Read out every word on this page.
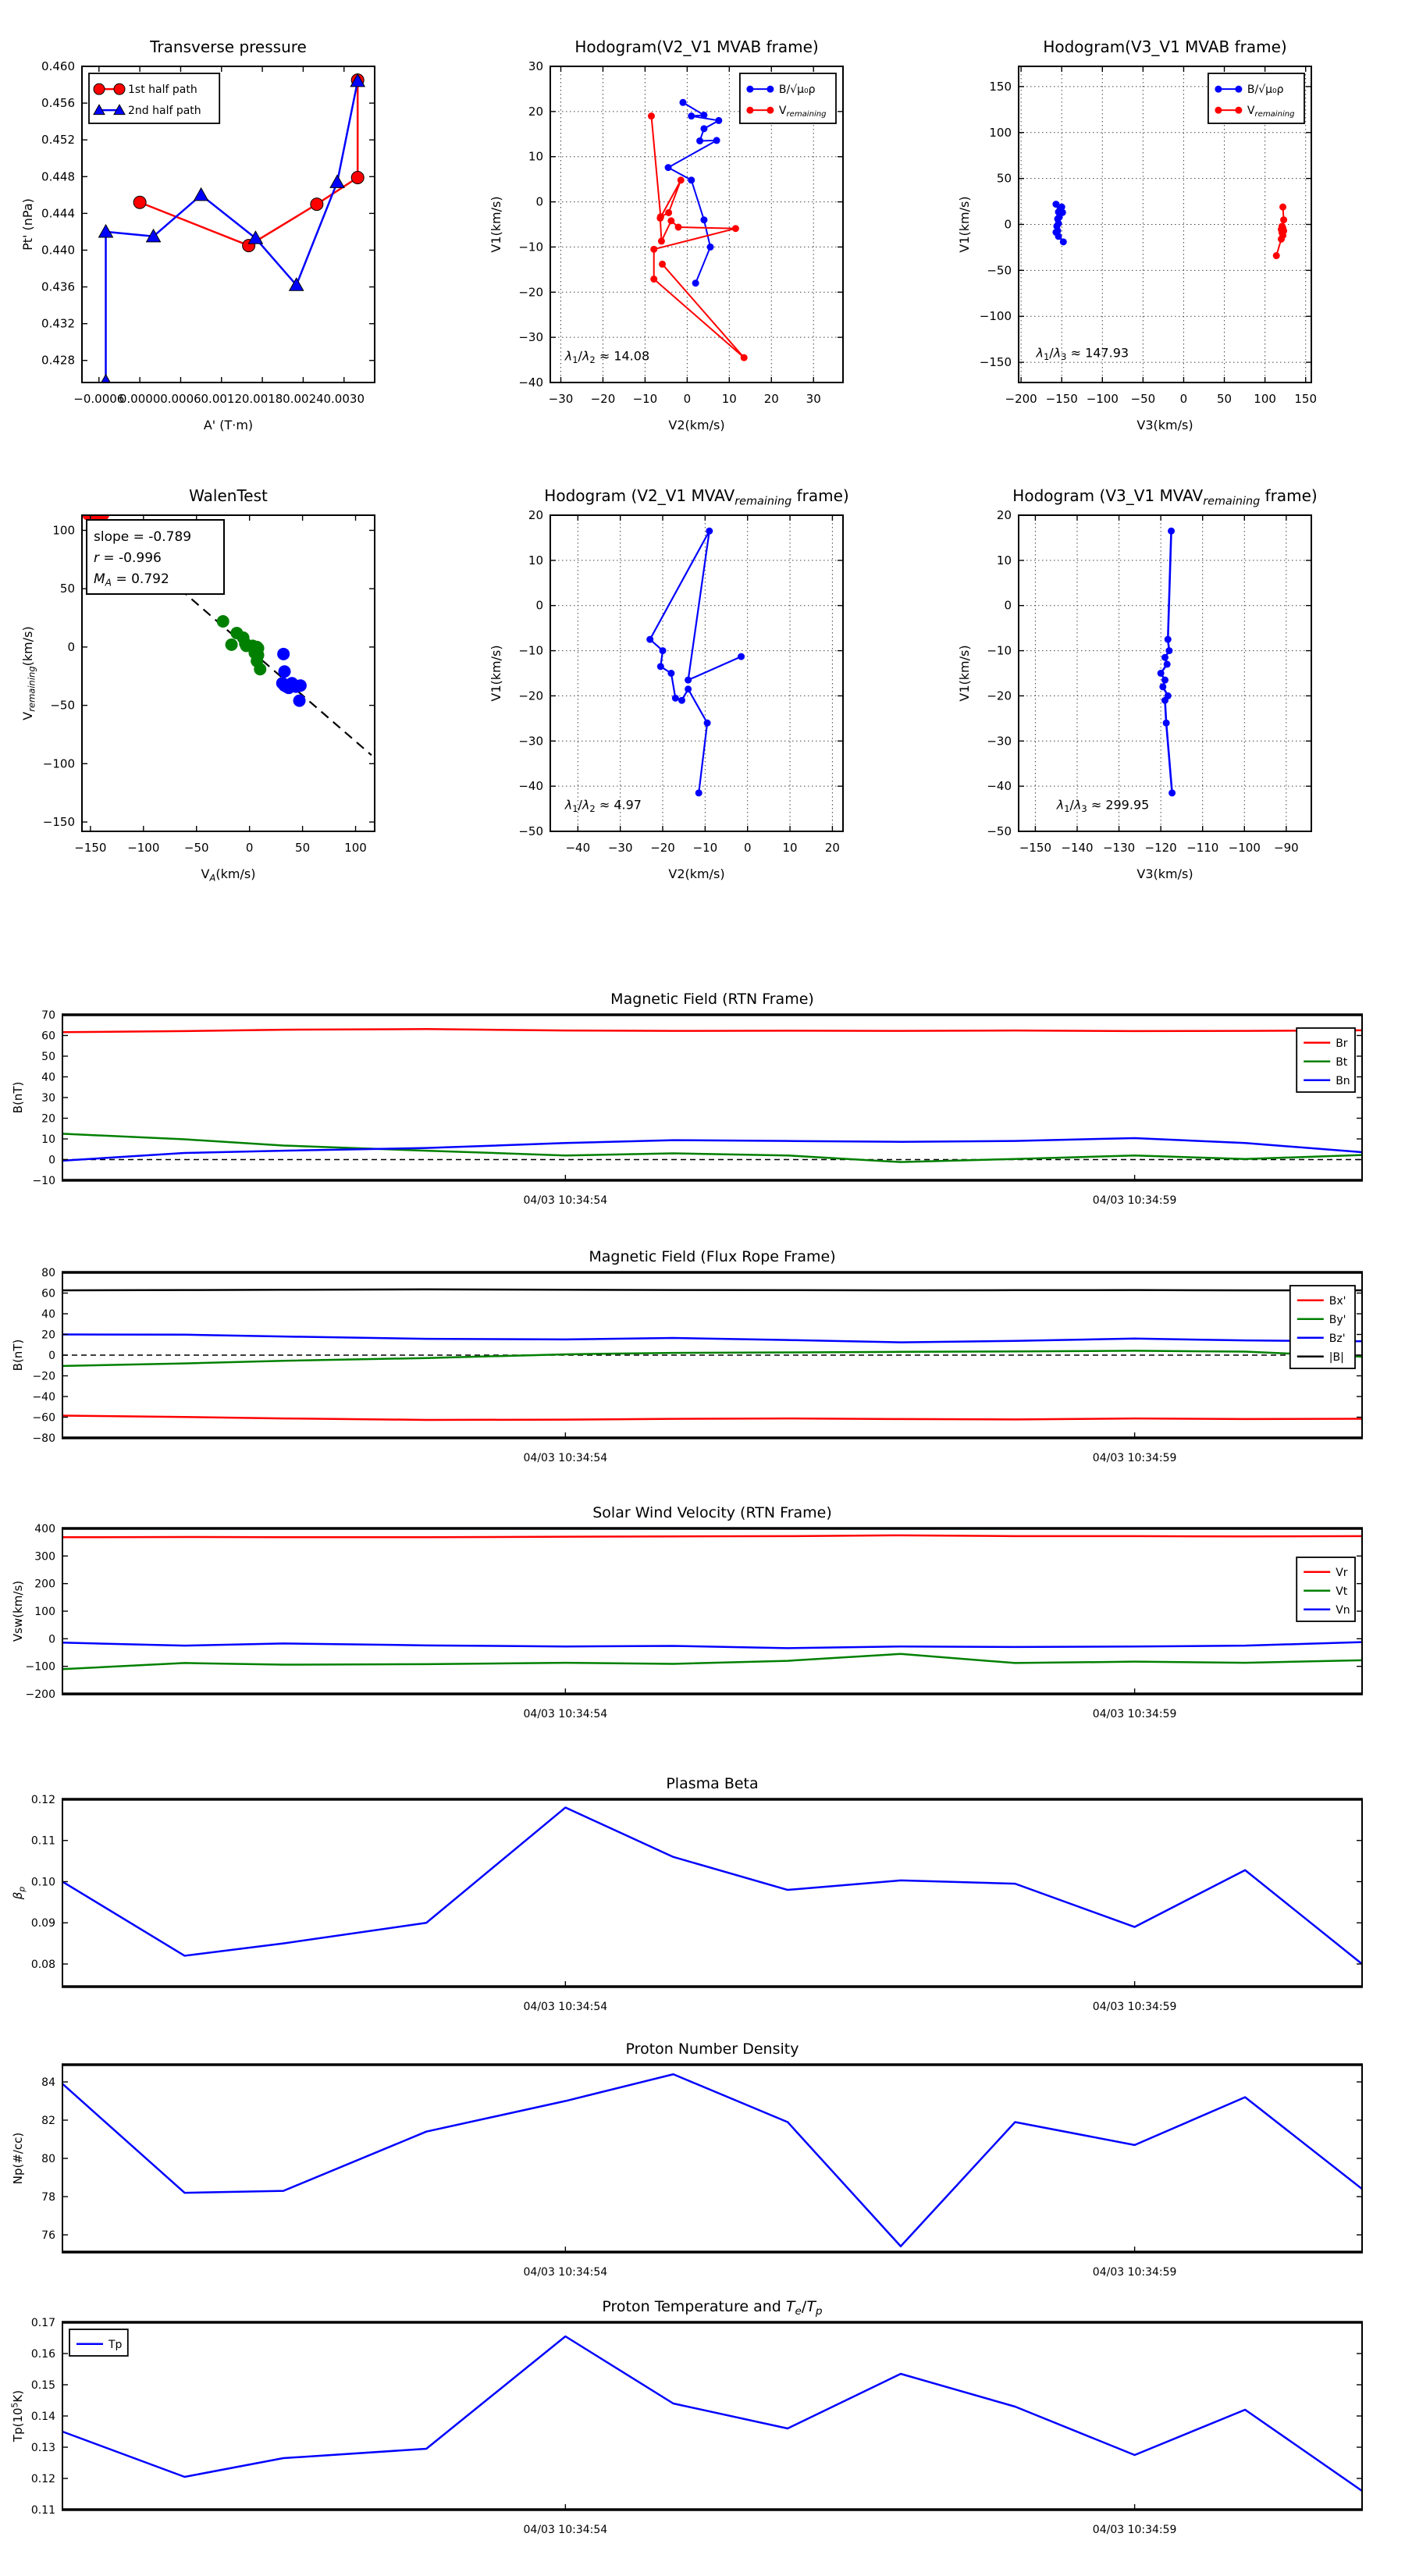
−0.0006
0.0000 0.0006 0.0012 0.0018 0.0024 0.0030
0.428
0.432
0.436
0.440
0.444
0.448
0.452
0.456
0.460
Transverse pressure
A' (T·m)
Pt' (nPa)
1st half path
2nd half path
−30 −20 −10 0	10 20 30
−40
−30
−20
−10
0
10
20
30
Hodogram(V2_V1 MVAB frame)
V2(km/s)
V1(km/s)
B/√μ₀ρ
$V_{remaining}$
$\lambda_1/\lambda_2 \approx 14.08$
−200 −150 −100 −50 0	50 100 150
−150
−100
−50
0
50
100
150
Hodogram(V3_V1 MVAB frame)
V3(km/s)
V1(km/s)
B/√μ₀ρ
$V_{remaining}$
$\lambda_1/\lambda_3 \approx 147.93$
−150 −100 −50	0	50	100
−150
−100
−50
0
50
100
WalenTest
$V_A(km/s)$
$V_{remaining}(km/s)$
slope = -0.789
r = -0.996
$M_A = 0.792$
−40 −30 −20 −10 0	10 20
−50
−40
−30
−20
−10
0
10
20
Hodogram (V2_V1 $MVAV_{remaining}$ frame)
V2(km/s)
V1(km/s)
$\lambda_1/\lambda_2 \approx 4.97$
−150 −140 −130 −120 −110 −100 −90
−50
−40
−30
−20
−10
0
10
20
Hodogram (V3_V1 $MVAV_{remaining}$ frame)
V3(km/s)
V1(km/s)
$\lambda_1/\lambda_3 \approx 299.95$
04/03 10:34:54	04/03 10:34:59
−10
0
10
20
30
40
50
60
70
Magnetic Field (RTN Frame)
B(nT)
Br
Bt
Bn
04/03 10:34:54	04/03 10:34:59
−80
−60
−40
−20
0
20
40
60
80
Magnetic Field (Flux Rope Frame)
B(nT)
Bx'
By'
Bz'
|B|
04/03 10:34:54	04/03 10:34:59
−200
−100
0
100
200
300
400
Solar Wind Velocity (RTN Frame)
Vsw(km/s)
Vr
Vt
Vn
04/03 10:34:54	04/03 10:34:59
0.08
0.09
0.10
0.11
0.12
Plasma Beta
$\beta_p$
04/03 10:34:54	04/03 10:34:59
76
78
80
82
84
Proton Number Density
Np(#/cc)
04/03 10:34:54	04/03 10:34:59
0.11
0.12
0.13
0.14
0.15
0.16
0.17
Proton Temperature and $T_e/T_p$
$Tp(10^5K)$
Tp
